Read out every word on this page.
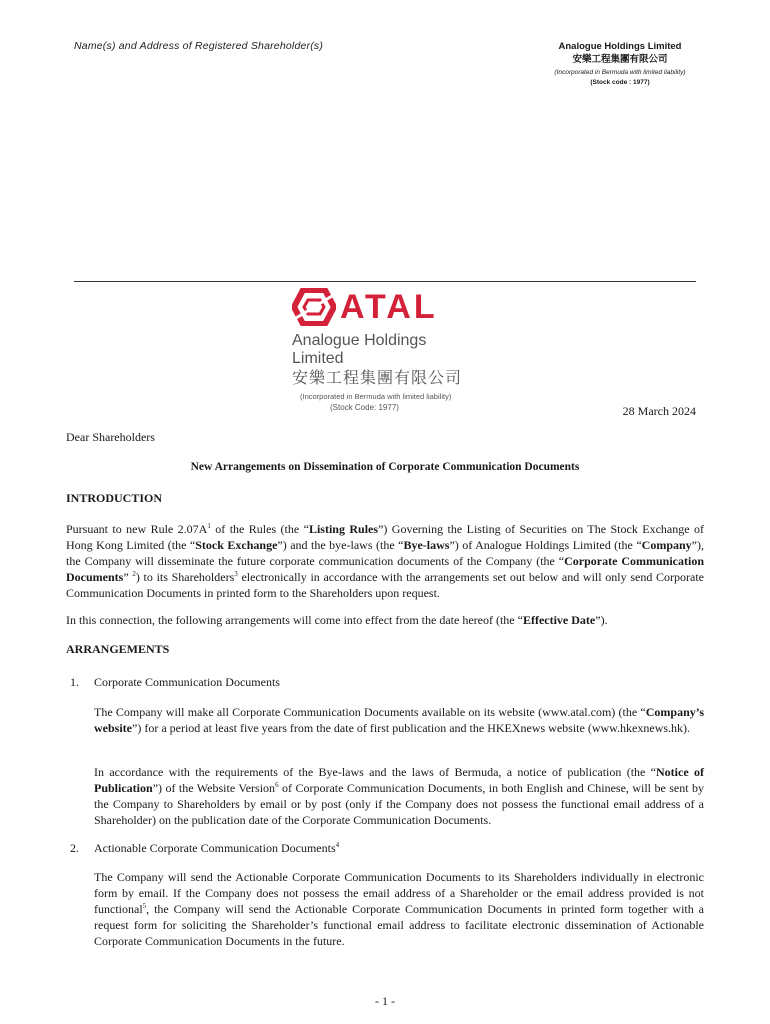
Name(s) and Address of Registered Shareholder(s)	Analogue Holdings Limited
安樂工程集團有限公司
(Incorporated in Bermuda with limited liability)
(Stock code : 1977)
ATAL
Analogue Holdings Limited
安樂工程集團有限公司
(Incorporated in Bermuda with limited liability)
(Stock Code: 1977)	28 March 2024
Dear Shareholders
New Arrangements on Dissemination of Corporate Communication Documents
INTRODUCTION
Pursuant to new Rule $2.07A^1$ of the Rules (the “Listing Rules”) Governing the Listing of Securities on The Stock Exchange of Hong Kong Limited (the “Stock Exchange”) and the bye-laws (the “Bye-laws”) of Analogue Holdings Limited (the “Company”), the Company will disseminate the future corporate communication documents of the Company (the “Corporate Communication Documents” $^2$) to its Shareholders$^3$ electronically in accordance with the arrangements set out below and will only send Corporate Communication Documents in printed form to the Shareholders upon request.
In this connection, the following arrangements will come into effect from the date hereof (the “Effective Date”).
ARRANGEMENTS
1. Corporate Communication Documents
The Company will make all Corporate Communication Documents available on its website (www.atal.com) (the “Company’s website”) for a period at least five years from the date of first publication and the HKEXnews website (www.hkexnews.hk).
In accordance with the requirements of the Bye-laws and the laws of Bermuda, a notice of publication (the “Notice of Publication”) of the Website Version$^6$ of Corporate Communication Documents, in both English and Chinese, will be sent by the Company to Shareholders by email or by post (only if the Company does not possess the functional email address of a Shareholder) on the publication date of the Corporate Communication Documents.
2. Actionable Corporate Communication Documents$^4$
The Company will send the Actionable Corporate Communication Documents to its Shareholders individually in electronic form by email. If the Company does not possess the email address of a Shareholder or the email address provided is not functional$^5$, the Company will send the Actionable Corporate Communication Documents in printed form together with a request form for soliciting the Shareholder’s functional email address to facilitate electronic dissemination of Actionable Corporate Communication Documents in the future.
- 1 -
